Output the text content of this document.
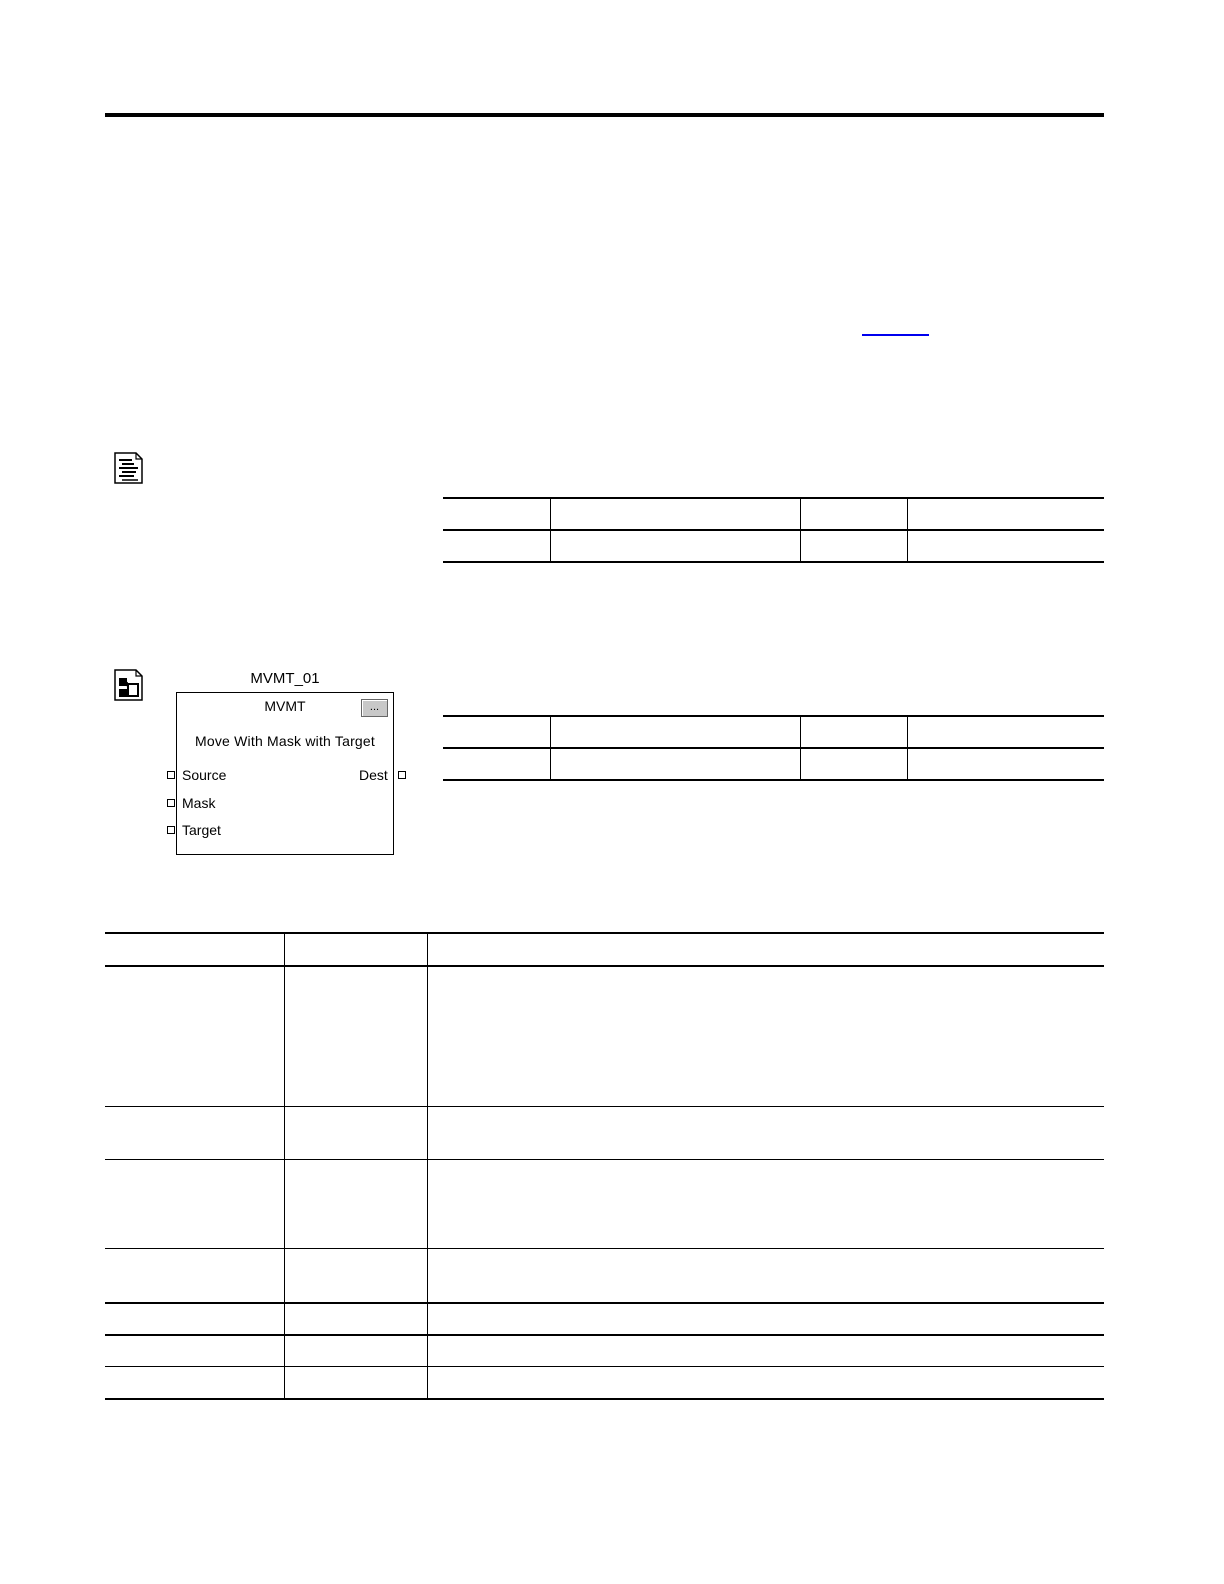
MVMT_01
MVMT	...
Move With Mask with Target
Source
Mask
Target
Dest
